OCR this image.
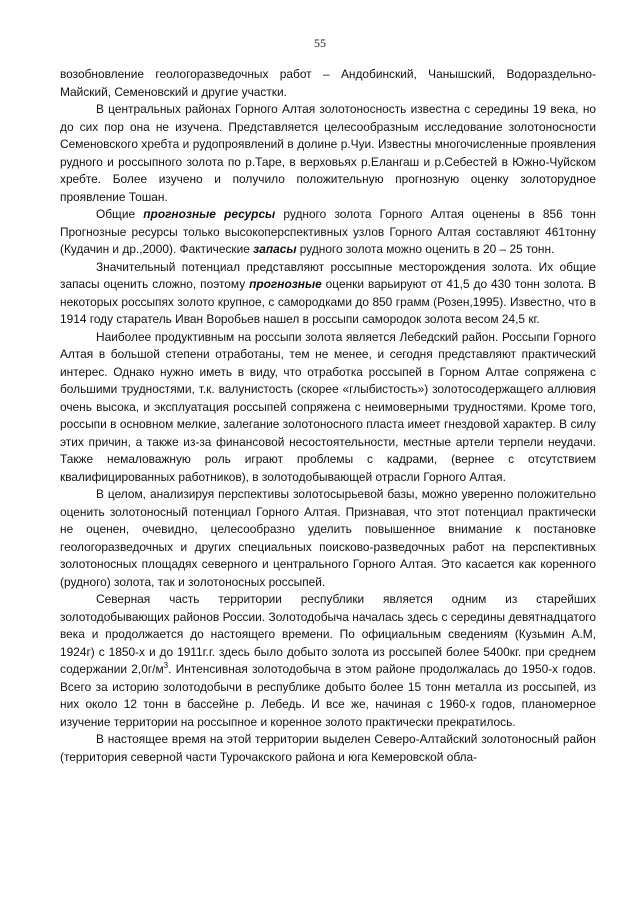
55

возобновление геологоразведочных работ – Андобинский, Чанышский, Водораздельно-Майский, Семеновский и другие участки.

В центральных районах Горного Алтая золотоносность известна с середины 19 века, но до сих пор она не изучена. Представляется целесообразным исследование золотоносности Семеновского хребта и рудопроявлений в долине р.Чуи. Известны многочисленные проявления рудного и россыпного золота по р.Таре, в верховьях р.Елангаш и р.Себестей в Южно-Чуйском хребте. Более изучено и получило положительную прогнозную оценку золоторудное проявление Тошан.

Общие прогнозные ресурсы рудного золота Горного Алтая оценены в 856 тонн Прогнозные ресурсы только высокоперспективных узлов Горного Алтая составляют 461тонну (Кудачин и др.,2000). Фактические запасы рудного золота можно оценить в 20 – 25 тонн.

Значительный потенциал представляют россыпные месторождения золота. Их общие запасы оценить сложно, поэтому прогнозные оценки варьируют от 41,5 до 430 тонн золота. В некоторых россыпях золото крупное, с самородками до 850 грамм (Розен,1995). Известно, что в 1914 году старатель Иван Воробьев нашел в россыпи самородок золота весом 24,5 кг.

Наиболее продуктивным на россыпи золота является Лебедский район. Россыпи Горного Алтая в большой степени отработаны, тем не менее, и сегодня представляют практический интерес. Однако нужно иметь в виду, что отработка россыпей в Горном Алтае сопряжена с большими трудностями, т.к. валунистость (скорее «глыбистость») золотосодержащего аллювия очень высока, и эксплуатация россыпей сопряжена с неимоверными трудностями. Кроме того, россыпи в основном мелкие, залегание золотоносного пласта имеет гнездовой характер. В силу этих причин, а также из-за финансовой несостоятельности, местные артели терпели неудачи. Также немаловажную роль играют проблемы с кадрами, (вернее с отсутствием квалифицированных работников), в золотодобывающей отрасли Горного Алтая.

В целом, анализируя перспективы золотосырьевой базы, можно уверенно положительно оценить золотоносный потенциал Горного Алтая. Признавая, что этот потенциал практически не оценен, очевидно, целесообразно уделить повышенное внимание к постановке геологоразведочных и других специальных поисково-разведочных работ на перспективных золотоносных площадях северного и центрального Горного Алтая. Это касается как коренного (рудного) золота, так и золотоносных россыпей.

Северная часть территории республики является одним из старейших золотодобывающих районов России. Золотодобыча началась здесь с середины девятнадцатого века и продолжается до настоящего времени. По официальным сведениям (Кузьмин А.М, 1924г) с 1850-х и до 1911г.г. здесь было добыто золота из россыпей более 5400кг. при среднем содержании $2,0г/м^3$. Интенсивная золотодобыча в этом районе продолжалась до 1950-х годов. Всего за историю золотодобычи в республике добыто более 15 тонн металла из россыпей, из них около 12 тонн в бассейне р. Лебедь. И все же, начиная с 1960-х годов, планомерное изучение территории на россыпное и коренное золото практически прекратилось.

В настоящее время на этой территории выделен Северо-Алтайский золотоносный район (территория северной части Турочакского района и юга Кемеровской обла-
